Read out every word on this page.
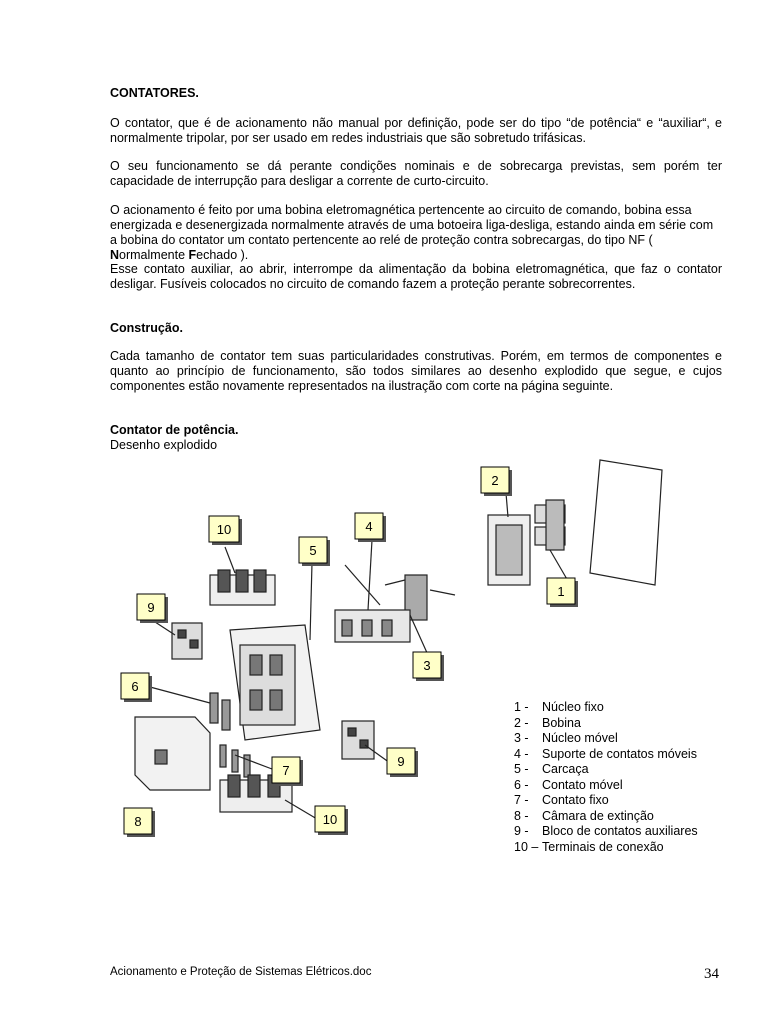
CONTATORES.

O contator, que é de acionamento não manual por definição, pode ser do tipo “de potência“ e “auxiliar“, e normalmente tripolar, por ser usado em redes industriais que são sobretudo trifásicas.

O seu funcionamento se dá perante condições nominais e de sobrecarga previstas, sem porém ter capacidade de interrupção para desligar a corrente de curto-circuito.

O acionamento é feito por uma bobina eletromagnética pertencente ao circuito de comando, bobina essa energizada e desenergizada normalmente através de uma botoeira liga-desliga, estando ainda em série com a bobina do contator um contato pertencente ao relé de proteção contra sobrecargas, do tipo NF ( Normalmente Fechado ).

Esse contato auxiliar, ao abrir, interrompe da alimentação da bobina eletromagnética, que faz o contator desligar. Fusíveis colocados no circuito de comando fazem a proteção perante sobrecorrentes.

Construção.

Cada tamanho de contator tem suas particularidades construtivas. Porém, em termos de componentes e quanto ao princípio de funcionamento, são todos similares ao desenho explodido que segue, e cujos componentes estão novamente representados na ilustração com corte na página seguinte.

Contator de potência.

Desenho explodido

2
10	4
5
1
9
3
6
9
7
10
8
1 -	Núcleo fixo
2 -	Bobina
3 -	Núcleo móvel
4 -	Suporte de contatos móveis
5 -	Carcaça
6 -	Contato móvel
7 -	Contato fixo
8 -	Câmara de extinção
9 -	Bloco de contatos auxiliares
10 – Terminais de conexão
Acionamento e Proteção de Sistemas Elétricos.doc	34
